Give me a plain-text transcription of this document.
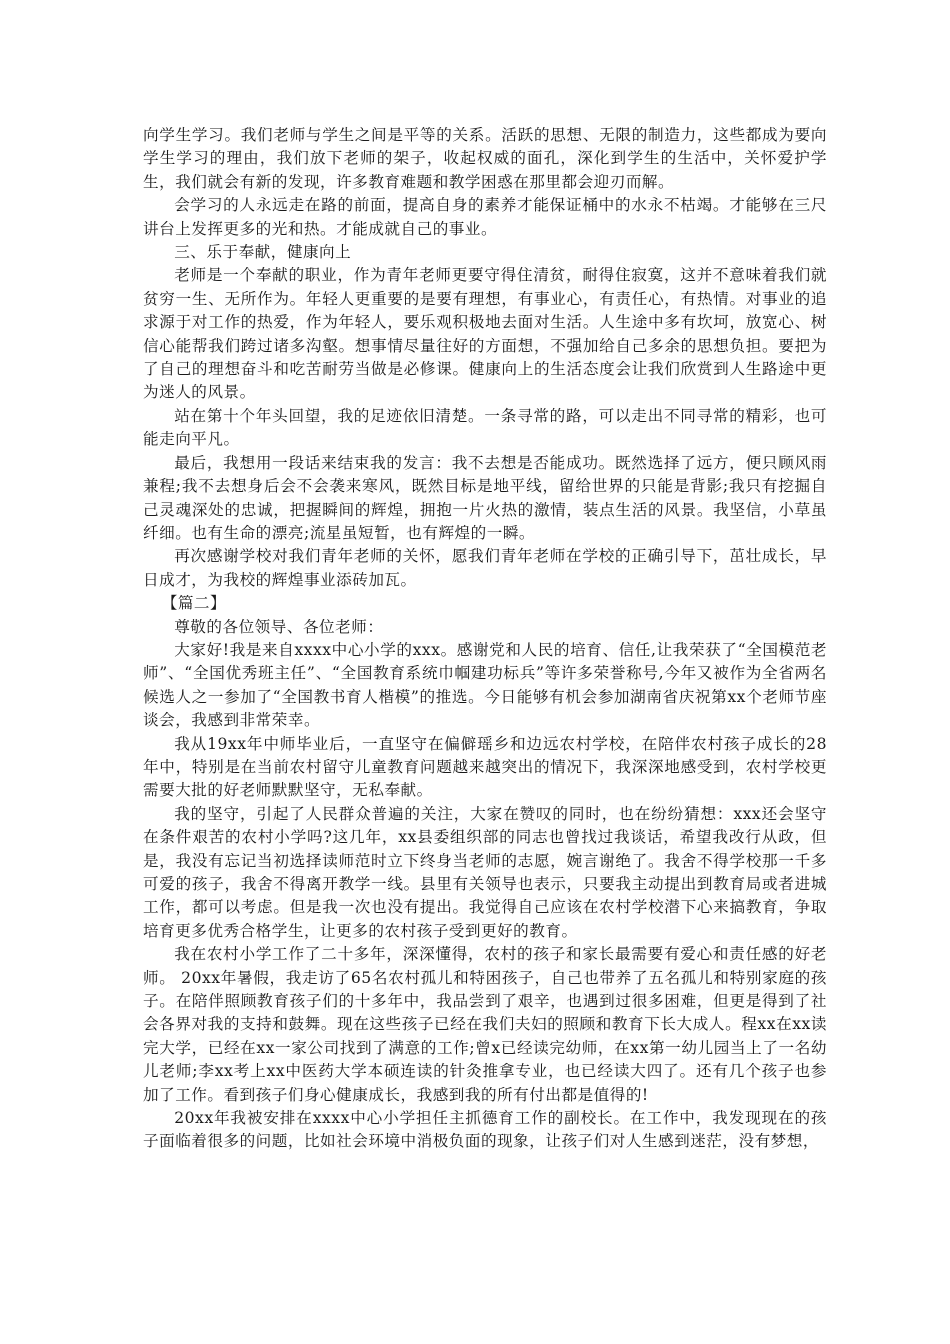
向学生学习。我们老师与学生之间是平等的关系。活跃的思想、无限的制造力，这些都成为要向学生学习的理由，我们放下老师的架子，收起权威的面孔，深化到学生的生活中，关怀爱护学生，我们就会有新的发现，许多教育难题和教学困惑在那里都会迎刃而解。

会学习的人永远走在路的前面，提高自身的素养才能保证桶中的水永不枯竭。才能够在三尺讲台上发挥更多的光和热。才能成就自己的事业。

三、乐于奉献，健康向上

老师是一个奉献的职业，作为青年老师更要守得住清贫，耐得住寂寞，这并不意味着我们就贫穷一生、无所作为。年轻人更重要的是要有理想，有事业心，有责任心，有热情。对事业的追求源于对工作的热爱，作为年轻人，要乐观积极地去面对生活。人生途中多有坎坷，放宽心、树信心能帮我们跨过诸多沟壑。想事情尽量往好的方面想，不强加给自己多余的思想负担。要把为了自己的理想奋斗和吃苦耐劳当做是必修课。健康向上的生活态度会让我们欣赏到人生路途中更为迷人的风景。

站在第十个年头回望，我的足迹依旧清楚。一条寻常的路，可以走出不同寻常的精彩，也可能走向平凡。

最后，我想用一段话来结束我的发言：我不去想是否能成功。既然选择了远方，便只顾风雨兼程;我不去想身后会不会袭来寒风，既然目标是地平线，留给世界的只能是背影;我只有挖掘自己灵魂深处的忠诚，把握瞬间的辉煌，拥抱一片火热的激情，装点生活的风景。我坚信，小草虽纤细。也有生命的漂亮;流星虽短暂，也有辉煌的一瞬。

再次感谢学校对我们青年老师的关怀，愿我们青年老师在学校的正确引导下，茁壮成长，早日成才，为我校的辉煌事业添砖加瓦。

【篇二】

尊敬的各位领导、各位老师：

大家好!我是来自xxxx中心小学的xxx。感谢党和人民的培育、信任,让我荣获了“全国模范老师”、“全国优秀班主任”、“全国教育系统巾帼建功标兵”等许多荣誉称号,今年又被作为全省两名候选人之一参加了“全国教书育人楷模”的推选。今日能够有机会参加湖南省庆祝第xx个老师节座谈会，我感到非常荣幸。

我从19xx年中师毕业后，一直坚守在偏僻瑶乡和边远农村学校，在陪伴农村孩子成长的28年中，特别是在当前农村留守儿童教育问题越来越突出的情况下，我深深地感受到，农村学校更需要大批的好老师默默坚守，无私奉献。

我的坚守，引起了人民群众普遍的关注，大家在赞叹的同时，也在纷纷猜想：xxx还会坚守在条件艰苦的农村小学吗?这几年，xx县委组织部的同志也曾找过我谈话，希望我改行从政，但是，我没有忘记当初选择读师范时立下终身当老师的志愿，婉言谢绝了。我舍不得学校那一千多可爱的孩子，我舍不得离开教学一线。县里有关领导也表示，只要我主动提出到教育局或者进城工作，都可以考虑。但是我一次也没有提出。我觉得自己应该在农村学校潜下心来搞教育，争取培育更多优秀合格学生，让更多的农村孩子受到更好的教育。

我在农村小学工作了二十多年，深深懂得，农村的孩子和家长最需要有爱心和责任感的好老师。 20xx年暑假，我走访了65名农村孤儿和特困孩子，自己也带养了五名孤儿和特别家庭的孩子。在陪伴照顾教育孩子们的十多年中，我品尝到了艰辛，也遇到过很多困难，但更是得到了社会各界对我的支持和鼓舞。现在这些孩子已经在我们夫妇的照顾和教育下长大成人。程xx在xx读完大学，已经在xx一家公司找到了满意的工作;曾x已经读完幼师，在xx第一幼儿园当上了一名幼儿老师;李xx考上xx中医药大学本硕连读的针灸推拿专业，也已经读大四了。还有几个孩子也参加了工作。看到孩子们身心健康成长，我感到我的所有付出都是值得的!

20xx年我被安排在xxxx中心小学担任主抓德育工作的副校长。在工作中，我发现现在的孩子面临着很多的问题，比如社会环境中消极负面的现象，让孩子们对人生感到迷茫，没有梦想，
